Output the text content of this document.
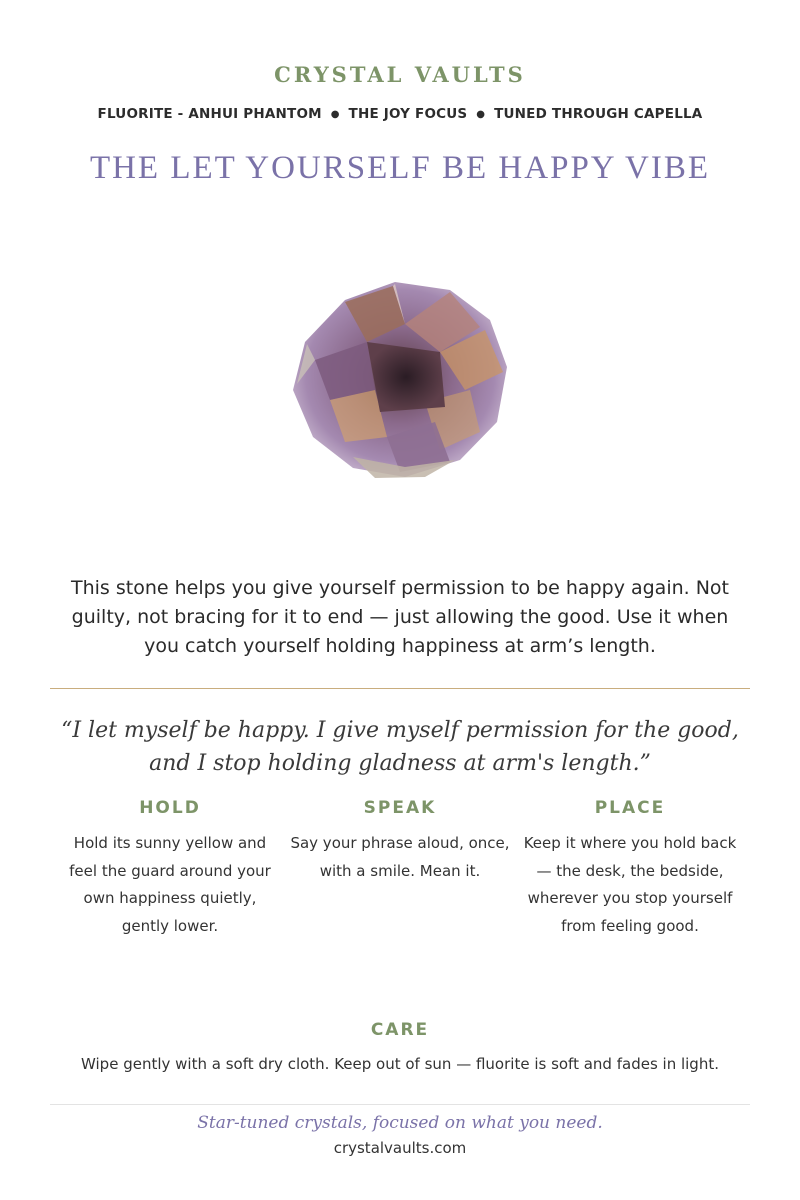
CRYSTAL VAULTS
FLUORITE - ANHUI PHANTOM ● THE JOY FOCUS ● TUNED THROUGH CAPELLA
THE LET YOURSELF BE HAPPY VIBE
This stone helps you give yourself permission to be happy again. Not guilty, not bracing for it to end — just allowing the good. Use it when you catch yourself holding happiness at arm’s length.
“I let myself be happy. I give myself permission for the good, and I stop holding gladness at arm's length.”
HOLD
Hold its sunny yellow and feel the guard around your own happiness quietly, gently lower.
SPEAK
Say your phrase aloud, once, with a smile. Mean it.
PLACE
Keep it where you hold back — the desk, the bedside, wherever you stop yourself from feeling good.
CARE
Wipe gently with a soft dry cloth. Keep out of sun — fluorite is soft and fades in light.
Star-tuned crystals, focused on what you need.
crystalvaults.com
